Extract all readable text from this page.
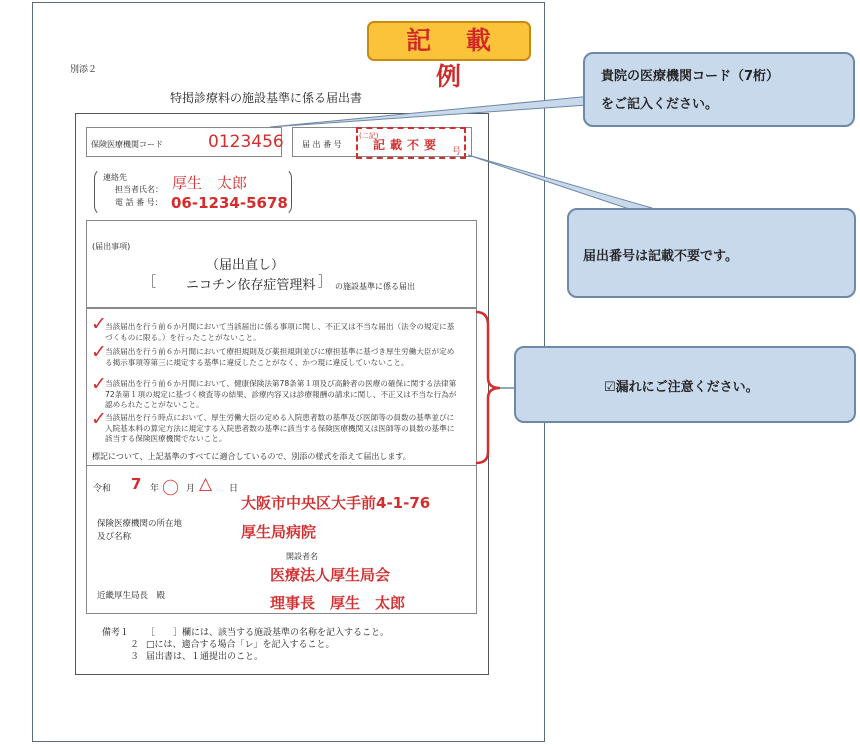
記 載 例
別添２
特掲診療料の施設基準に係る届出書
保険医療機関コード	0123456 届 出 番 号
(二記)
記載不要 号
連絡先
担当者氏名： 厚生　太郎
電 話 番 号： 06-1234-5678
(届出事項)
（届出直し）
［ ニコチン依存症管理料 ］ の施設基準に係る届出
✓
当該届出を行う前６か月間において当該届出に係る事項に関し、不正又は不当な届出（法令の規定に基づくものに限る。）を行ったことがないこと。
✓
当該届出を行う前６か月間において療担規則及び薬担規則並びに療担基準に基づき厚生労働大臣が定める掲示事項等第三に規定する基準に違反したことがなく、かつ現に違反していないこと。
✓
当該届出を行う前６か月間において、健康保険法第78条第１項及び高齢者の医療の確保に関する法律第72条第１項の規定に基づく検査等の結果、診療内容又は診療報酬の請求に関し、不正又は不当な行為が認められたことがないこと。
✓
当該届出を行う時点において、厚生労働大臣の定める入院患者数の基準及び医師等の員数の基準並びに入院基本料の算定方法に規定する入院患者数の基準に該当する保険医療機関又は医師等の員数の基準に該当する保険医療機関でないこと。
標記について、上記基準のすべてに適合しているので、別添の様式を添えて届出します。
令和 7 年 〇 月 △ 日
大阪市中央区大手前4-1-76
保険医療機関の所在地
及び名称	厚生局病院
開設者名
医療法人厚生局会
近畿厚生局長　殿	理事長　厚生　太郎
備考１ ［　　］欄には、該当する施設基準の名称を記入すること。
２ □には、適合する場合「レ」を記入すること。
３ 届出書は、１通提出のこと。
貴院の医療機関コード（7桁）
をご記入ください。
届出番号は記載不要です。
☑漏れにご注意ください。
